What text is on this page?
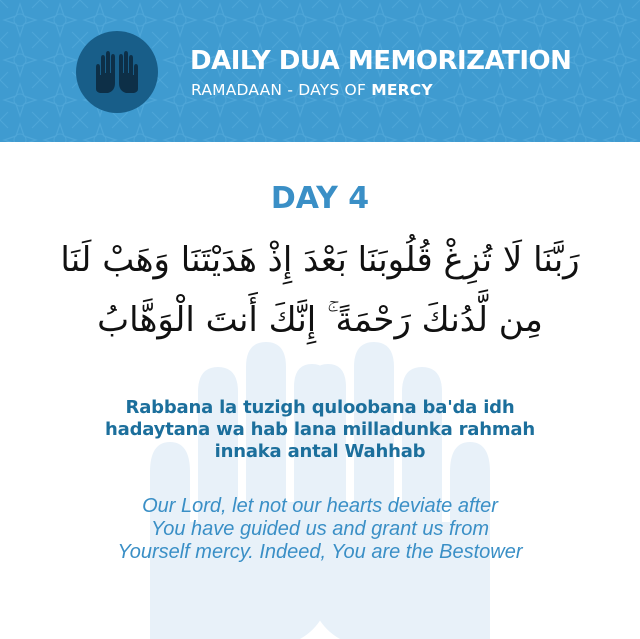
DAILY DUA MEMORIZATION
RAMADAAN - DAYS OF MERCY
DAY 4
رَبَّنَا لَا تُزِغْ قُلُوبَنَا بَعْدَ إِذْ هَدَيْتَنَا وَهَبْ لَنَا
مِن لَّدُنكَ رَحْمَةً ۚ إِنَّكَ أَنتَ الْوَهَّابُ
Rabbana la tuzigh quloobana ba'da idh
hadaytana wa hab lana milladunka rahmah
innaka antal Wahhab
Our Lord, let not our hearts deviate after
You have guided us and grant us from
Yourself mercy. Indeed, You are the Bestower
